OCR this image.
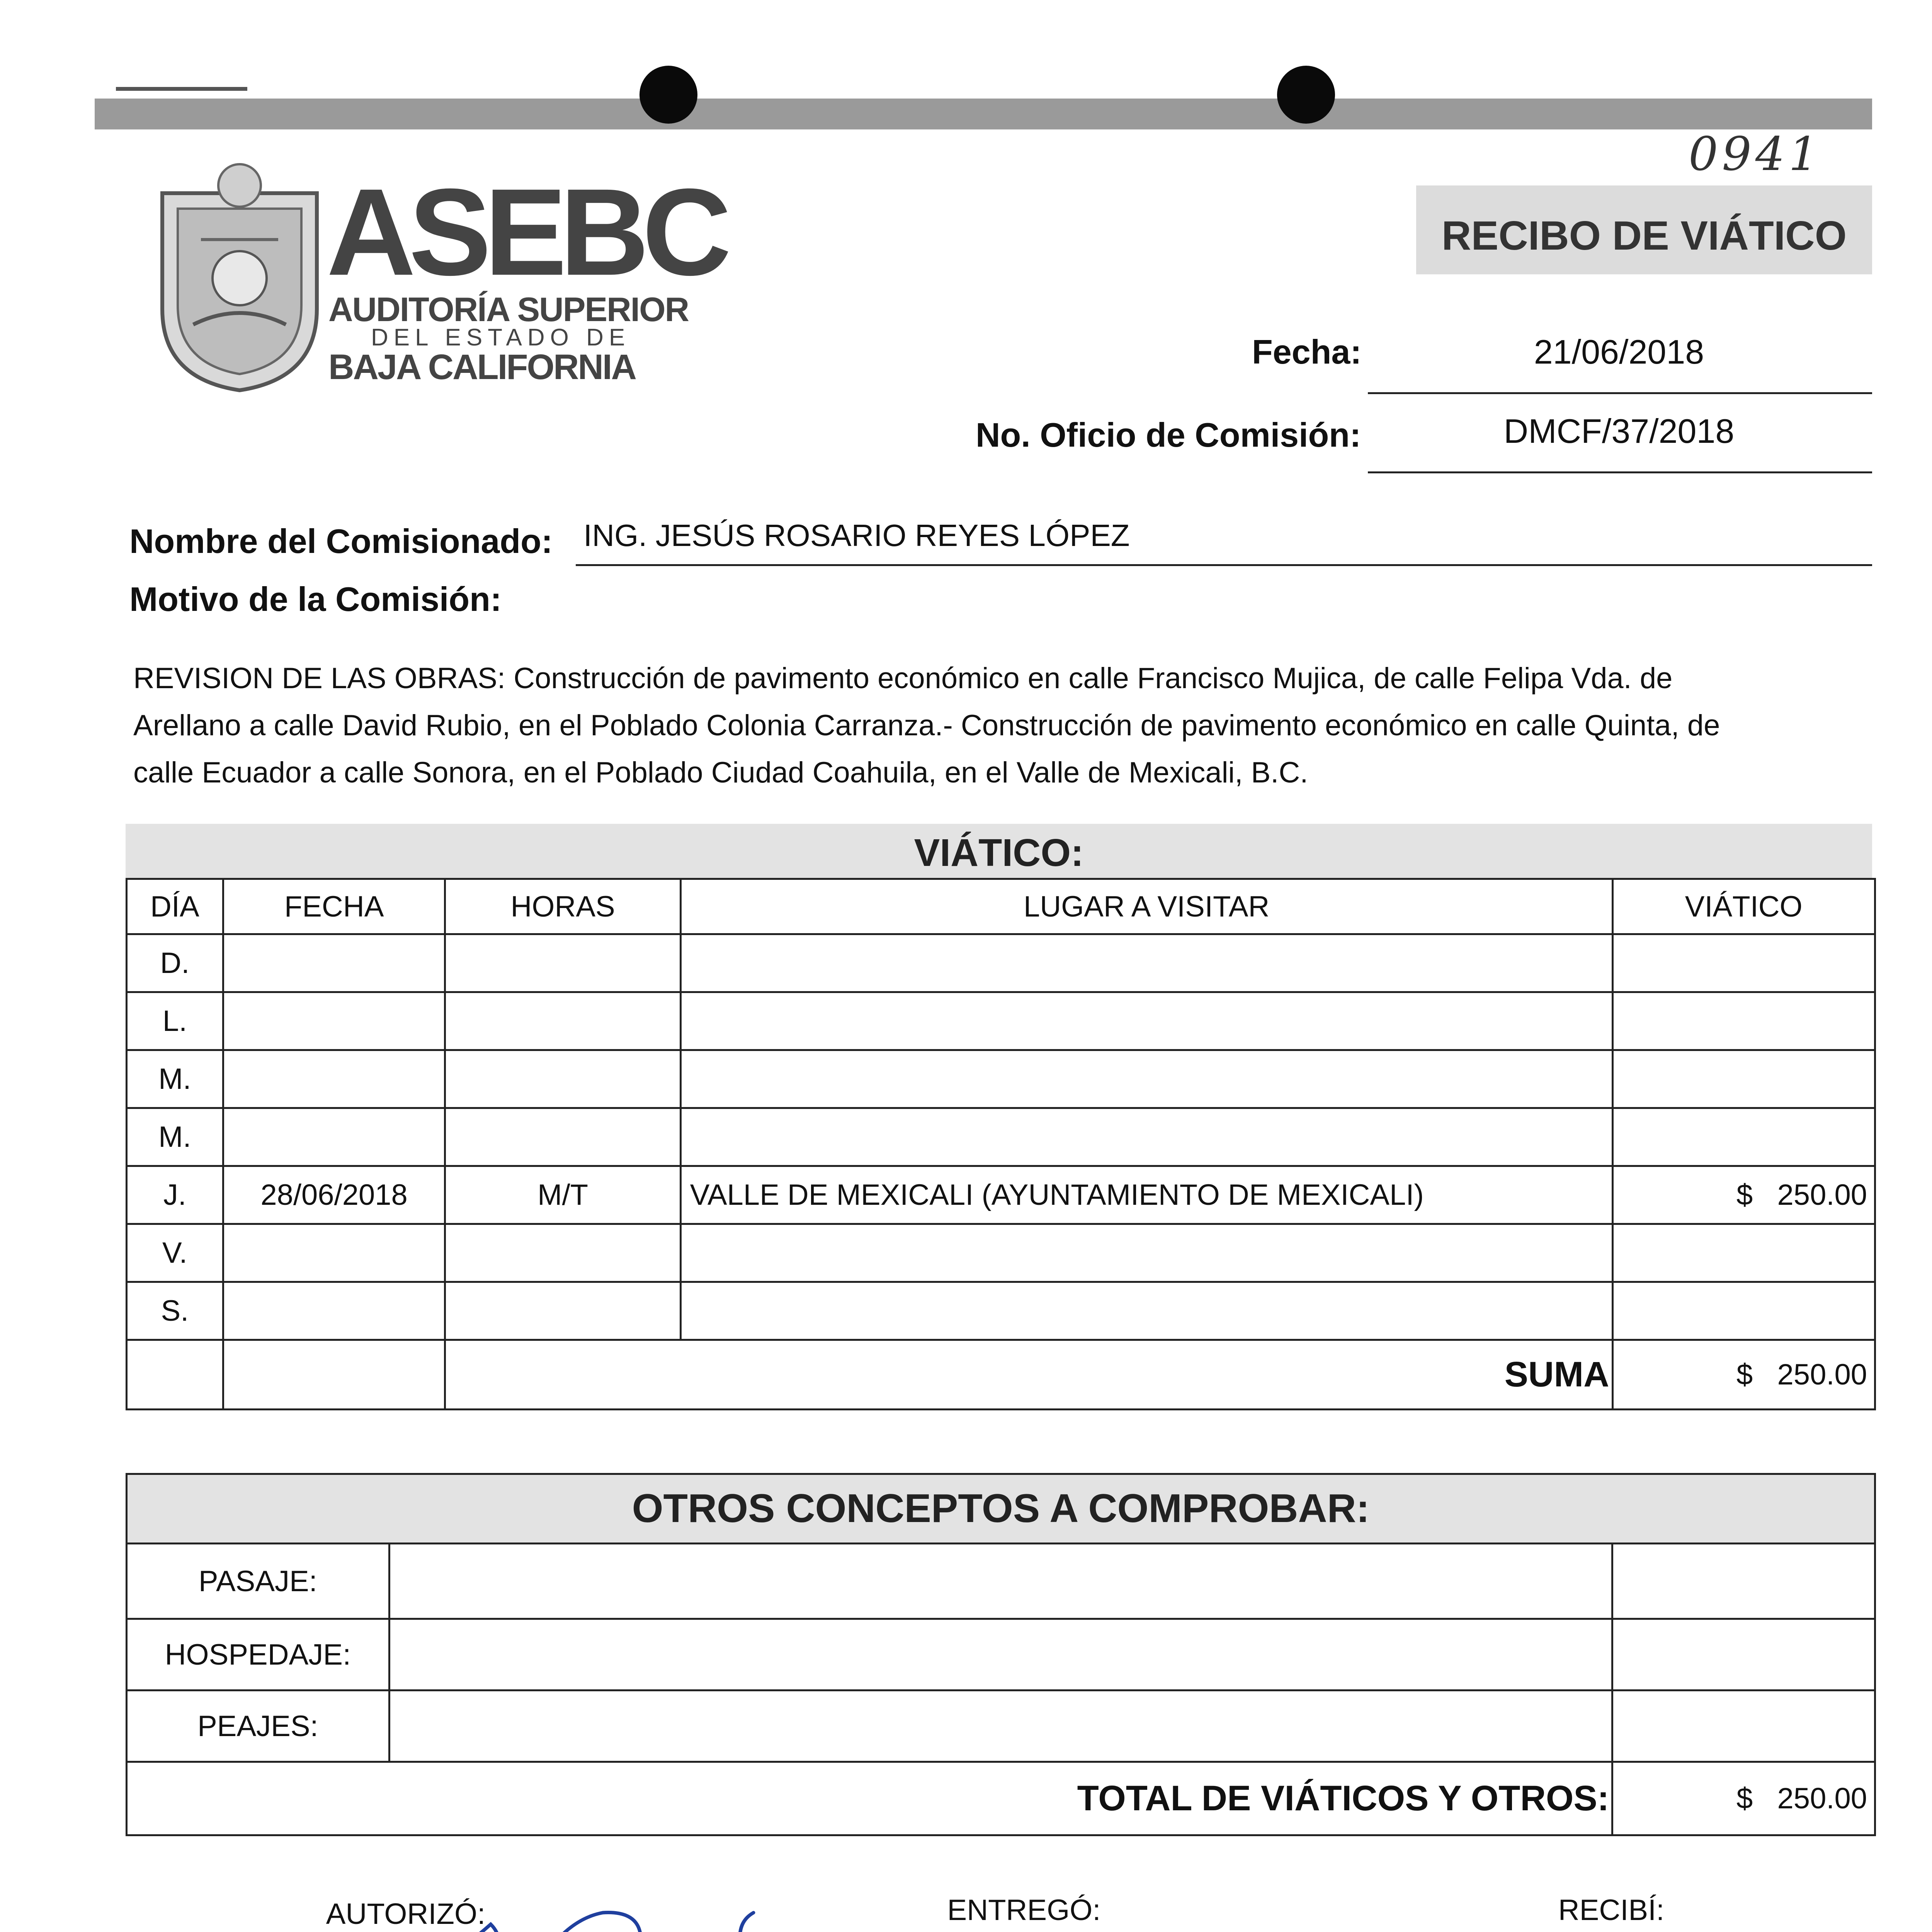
0941
ASEBC
AUDITORÍA SUPERIOR
DEL ESTADO DE
BAJA CALIFORNIA
RECIBO DE VIÁTICO
Fecha:	21/06/2018
No. Oficio de Comisión:	DMCF/37/2018
Nombre del Comisionado: ING. JESÚS ROSARIO REYES LÓPEZ
Motivo de la Comisión:
REVISION DE LAS OBRAS: Construcción de pavimento económico en calle Francisco Mujica, de calle Felipa Vda. de
Arellano a calle David Rubio, en el Poblado Colonia Carranza.- Construcción de pavimento económico en calle Quinta, de
calle Ecuador a calle Sonora, en el Poblado Ciudad Coahuila, en el Valle de Mexicali, B.C.
VIÁTICO:
DÍA	FECHA	HORAS	LUGAR A VISITAR	VIÁTICO
D.				
L.				
M.				
M.				
J.	28/06/2018	M/T	VALLE DE MEXICALI (AYUNTAMIENTO DE MEXICALI)	$   250.00
V.				
S.				
		SUMA		$   250.00
OTROS CONCEPTOS A COMPROBAR:		
PASAJE:		
HOSPEDAJE:		
PEAJES:		
TOTAL DE VIÁTICOS Y OTROS:		$   250.00
AUTORIZÓ:	ENTREGÓ:	RECIBÍ:
